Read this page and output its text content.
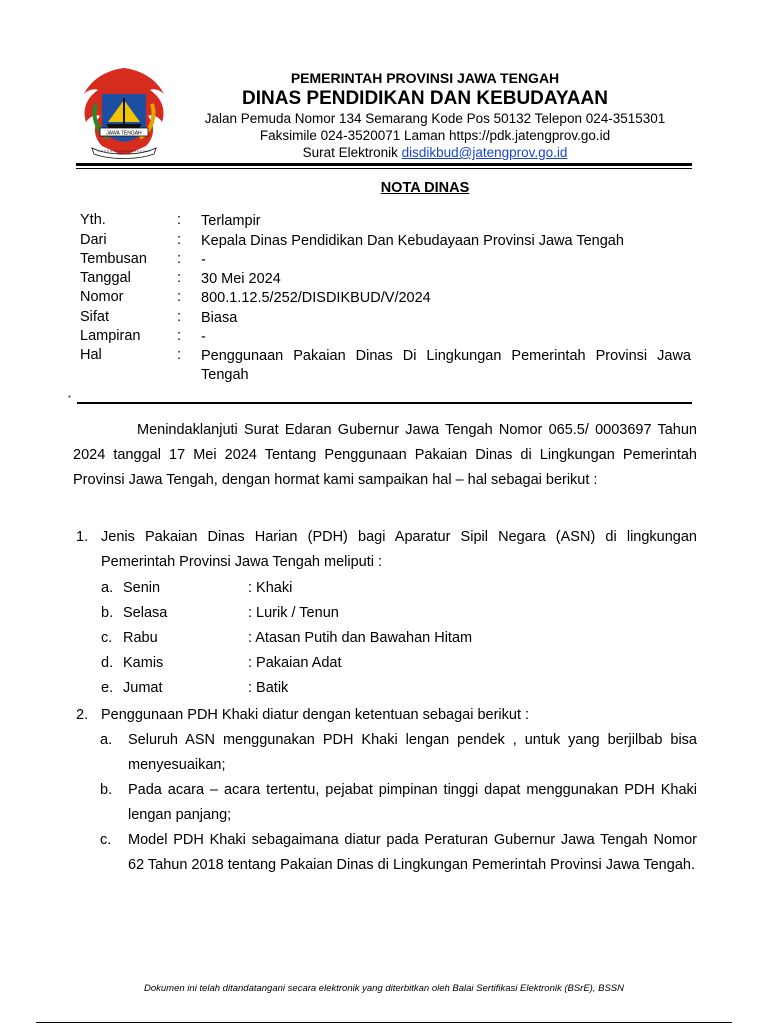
JAWA TENGAH
PEMERINTAH PROVINSI JAWA TENGAH
DINAS PENDIDIKAN DAN KEBUDAYAAN
Jalan Pemuda Nomor 134 Semarang Kode Pos 50132 Telepon 024-3515301
Faksimile 024-3520071 Laman https://pdk.jatengprov.go.id
Surat Elektronik disdikbud@jatengprov.go.id
NOTA DINAS
Yth.	:	Terlampir
Dari	:	Kepala Dinas Pendidikan Dan Kebudayaan Provinsi Jawa Tengah
Tembusan	:	-
Tanggal	:	30 Mei 2024
Nomor	:	800.1.12.5/252/DISDIKBUD/V/2024
Sifat	:	Biasa
Lampiran	:	-
Hal	:	Penggunaan Pakaian Dinas Di Lingkungan Pemerintah Provinsi Jawa Tengah
▪
Menindaklanjuti Surat Edaran Gubernur Jawa Tengah Nomor 065.5/ 0003697 Tahun 2024 tanggal 17 Mei 2024 Tentang Penggunaan Pakaian Dinas di Lingkungan Pemerintah Provinsi Jawa Tengah, dengan hormat kami sampaikan hal – hal sebagai berikut :
1. Jenis Pakaian Dinas Harian (PDH) bagi Aparatur Sipil Negara (ASN) di lingkungan Pemerintah Provinsi Jawa Tengah meliputi :
a. Senin	: Khaki
b. Selasa	: Lurik / Tenun
c. Rabu	: Atasan Putih dan Bawahan Hitam
d. Kamis	: Pakaian Adat
e. Jumat	: Batik
2. Penggunaan PDH Khaki diatur dengan ketentuan sebagai berikut :
a. Seluruh ASN menggunakan PDH Khaki lengan pendek , untuk yang berjilbab bisa menyesuaikan;
b. Pada acara – acara tertentu, pejabat pimpinan tinggi dapat menggunakan PDH Khaki lengan panjang;
c. Model PDH Khaki sebagaimana diatur pada Peraturan Gubernur Jawa Tengah Nomor 62 Tahun 2018 tentang Pakaian Dinas di Lingkungan Pemerintah Provinsi Jawa Tengah.
Dokumen ini telah ditandatangani secara elektronik yang diterbitkan oleh Balai Sertifikasi Elektronik (BSrE), BSSN
